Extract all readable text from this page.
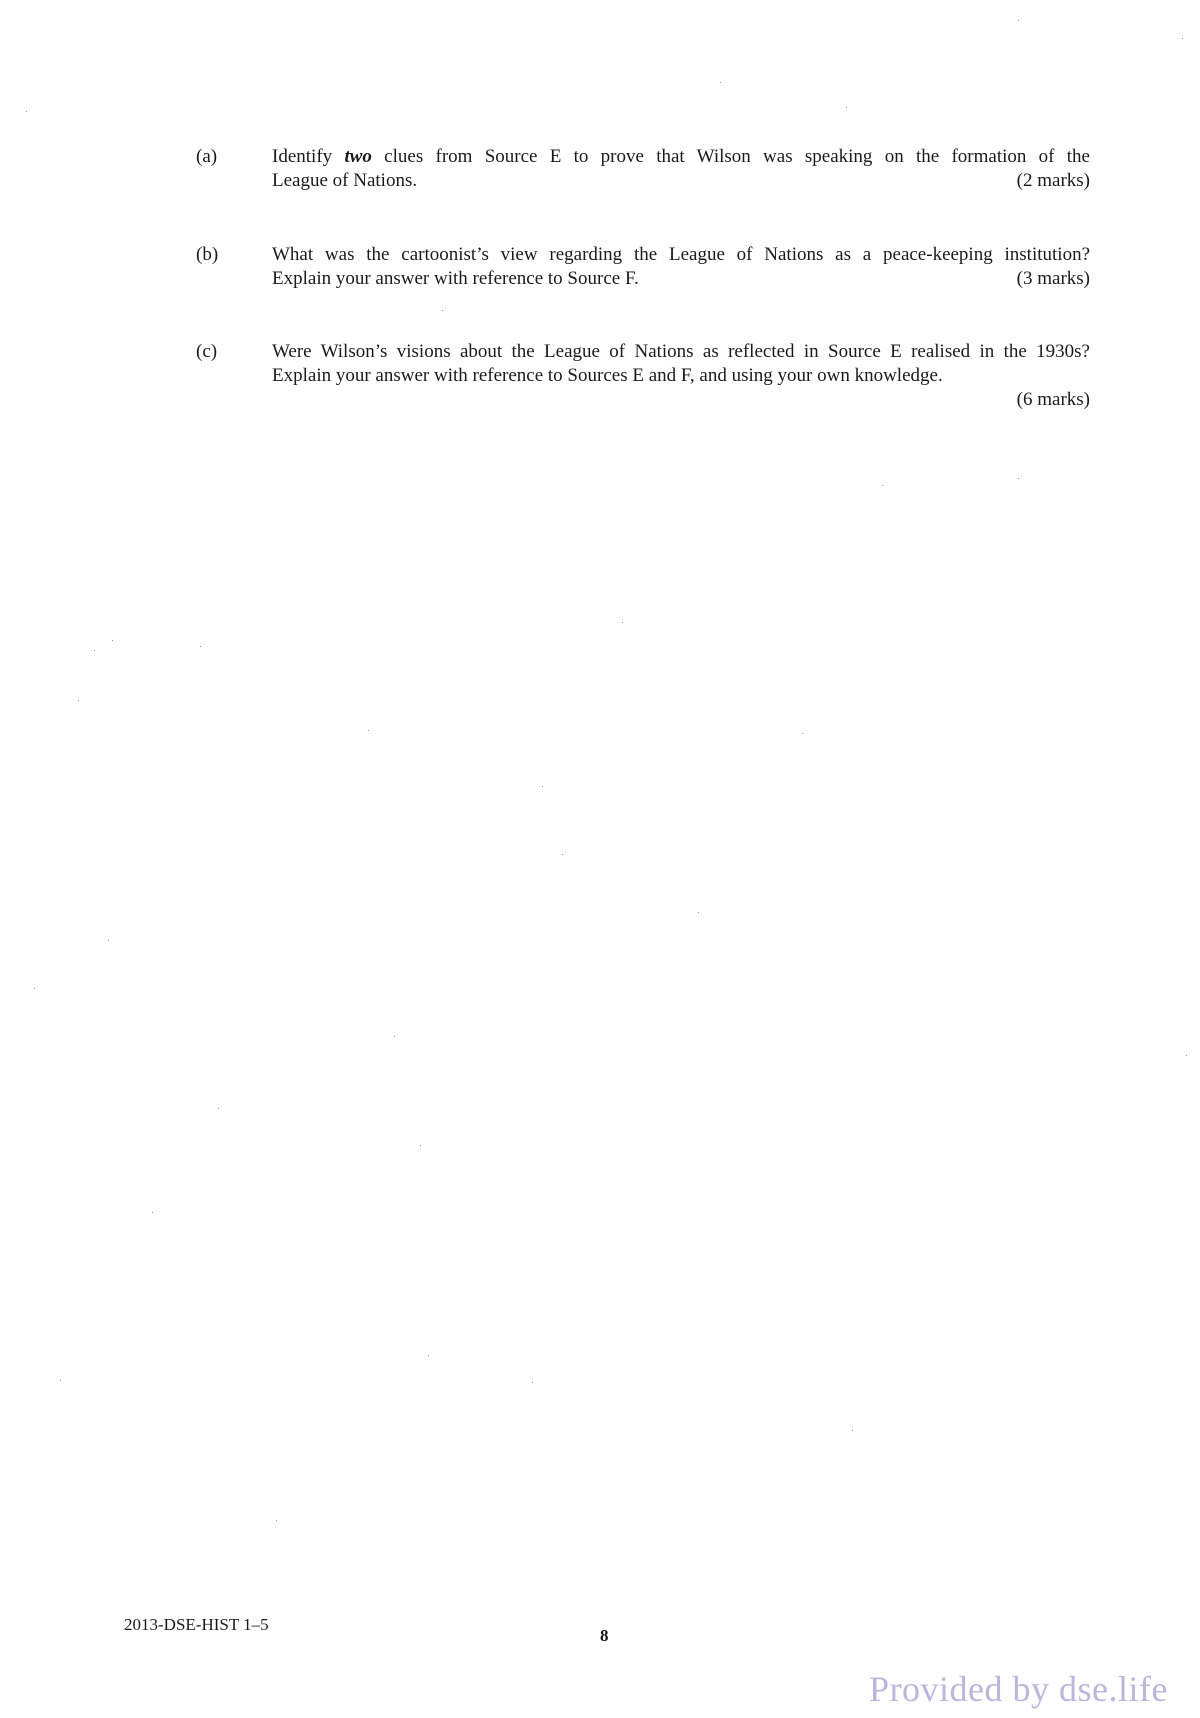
(a)	Identify two clues from Source E to prove that Wilson was speaking on the formation of the
League of Nations.	(2 marks)
(b)	What was the cartoonist’s view regarding the League of Nations as a peace-keeping institution?
Explain your answer with reference to Source F.	(3 marks)
(c)	Were Wilson’s visions about the League of Nations as reflected in Source E realised in the 1930s?
Explain your answer with reference to Sources E and F, and using your own knowledge.
(6 marks)
2013-DSE-HIST 1–5
8
Provided by dse.life
